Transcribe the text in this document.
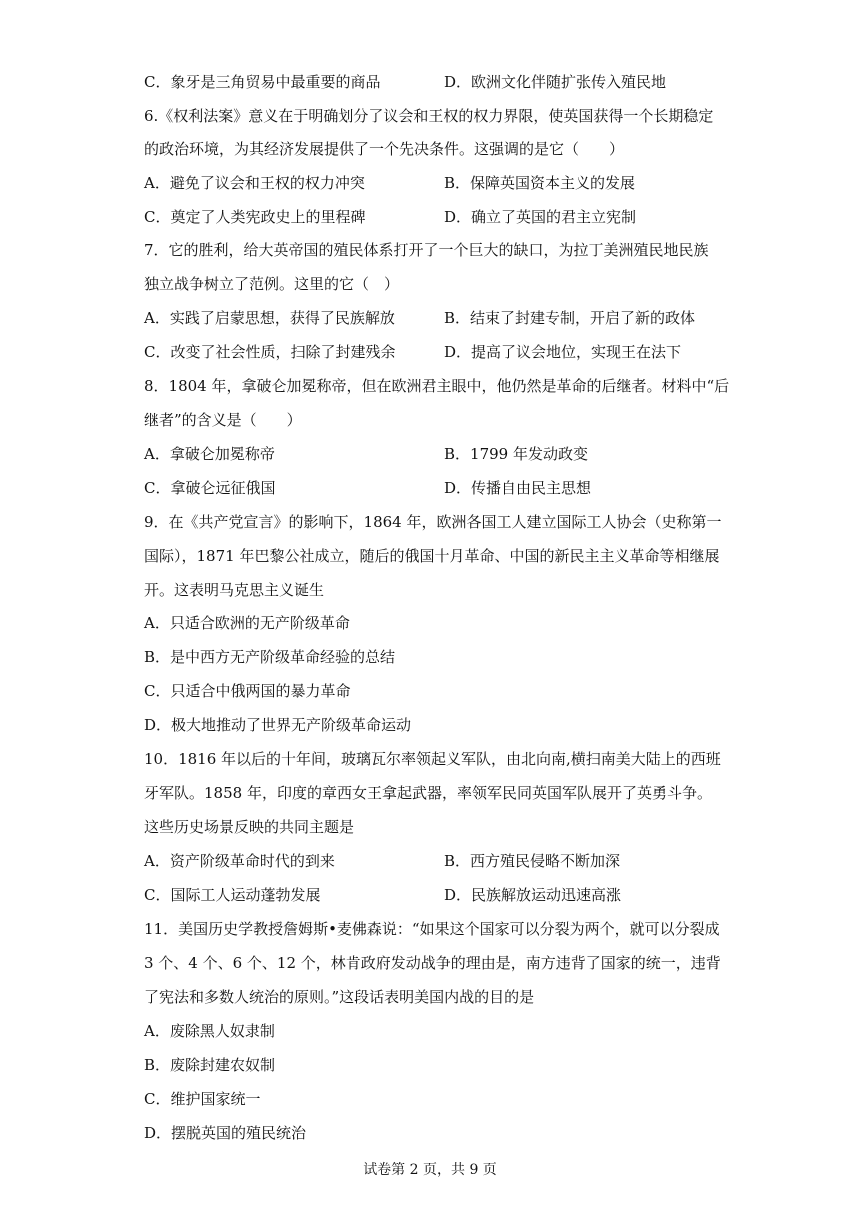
C．象牙是三角贸易中最重要的商品	D．欧洲文化伴随扩张传入殖民地
6.《权利法案》意义在于明确划分了议会和王权的权力界限，使英国获得一个长期稳定
的政治环境，为其经济发展提供了一个先决条件。这强调的是它（　　）
A．避免了议会和王权的权力冲突	B．保障英国资本主义的发展
C．奠定了人类宪政史上的里程碑	D．确立了英国的君主立宪制
7．它的胜利，给大英帝国的殖民体系打开了一个巨大的缺口，为拉丁美洲殖民地民族
独立战争树立了范例。这里的它（　）
A．实践了启蒙思想，获得了民族解放	B．结束了封建专制，开启了新的政体
C．改变了社会性质，扫除了封建残余	D．提高了议会地位，实现王在法下
8．1804 年，拿破仑加冕称帝，但在欧洲君主眼中，他仍然是革命的后继者。材料中“后
继者”的含义是（　　）
A．拿破仑加冕称帝	B．1799 年发动政变
C．拿破仑远征俄国	D．传播自由民主思想
9．在《共产党宣言》的影响下，1864 年，欧洲各国工人建立国际工人协会（史称第一
国际），1871 年巴黎公社成立，随后的俄国十月革命、中国的新民主主义革命等相继展
开。这表明马克思主义诞生
A．只适合欧洲的无产阶级革命
B．是中西方无产阶级革命经验的总结
C．只适合中俄两国的暴力革命
D．极大地推动了世界无产阶级革命运动
10．1816 年以后的十年间，玻璃瓦尔率领起义军队，由北向南,横扫南美大陆上的西班
牙军队。1858 年，印度的章西女王拿起武器，率领军民同英国军队展开了英勇斗争。
这些历史场景反映的共同主题是
A．资产阶级革命时代的到来	B．西方殖民侵略不断加深
C．国际工人运动蓬勃发展	D．民族解放运动迅速高涨
11．美国历史学教授詹姆斯•麦佛森说：“如果这个国家可以分裂为两个，就可以分裂成
3 个、4 个、6 个、12 个，林肯政府发动战争的理由是，南方违背了国家的统一，违背
了宪法和多数人统治的原则。”这段话表明美国内战的目的是
A．废除黑人奴隶制
B．废除封建农奴制
C．维护国家统一
D．摆脱英国的殖民统治
试卷第 2 页，共 9 页
